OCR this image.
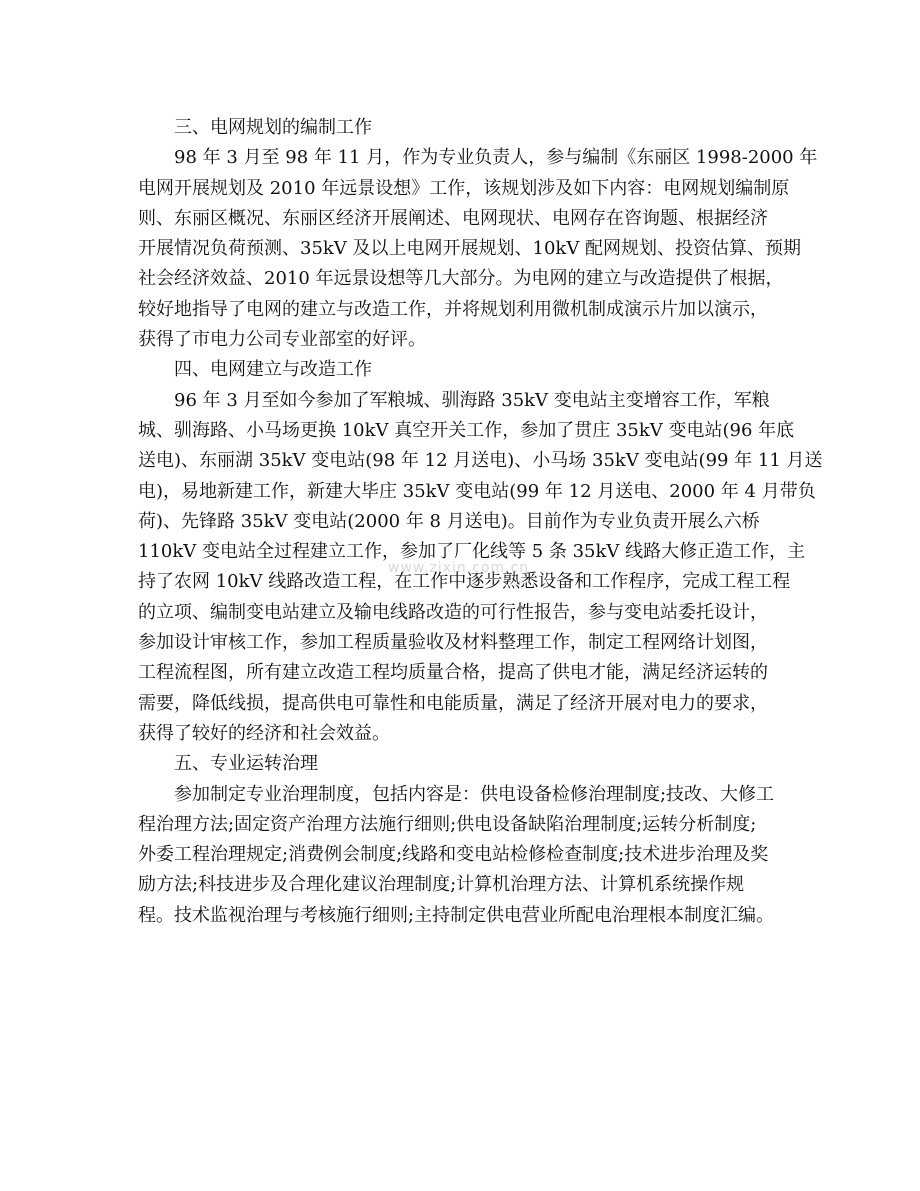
www.zixin.com.cn
三、电网规划的编制工作
98 年 3 月至 98 年 11 月，作为专业负责人，参与编制《东丽区 1998-2000 年
电网开展规划及 2010 年远景设想》工作，该规划涉及如下内容：电网规划编制原
则、东丽区概况、东丽区经济开展阐述、电网现状、电网存在咨询题、根据经济
开展情况负荷预测、35kV 及以上电网开展规划、10kV 配网规划、投资估算、预期
社会经济效益、2010 年远景设想等几大部分。为电网的建立与改造提供了根据，
较好地指导了电网的建立与改造工作，并将规划利用微机制成演示片加以演示，
获得了市电力公司专业部室的好评。
四、电网建立与改造工作
96 年 3 月至如今参加了军粮城、驯海路 35kV 变电站主变增容工作，军粮
城、驯海路、小马场更换 10kV 真空开关工作，参加了贯庄 35kV 变电站(96 年底
送电)、东丽湖 35kV 变电站(98 年 12 月送电)、小马场 35kV 变电站(99 年 11 月送
电)，易地新建工作，新建大毕庄 35kV 变电站(99 年 12 月送电、2000 年 4 月带负
荷)、先锋路 35kV 变电站(2000 年 8 月送电)。目前作为专业负责开展么六桥
110kV 变电站全过程建立工作，参加了厂化线等 5 条 35kV 线路大修正造工作，主
持了农网 10kV 线路改造工程，在工作中逐步熟悉设备和工作程序，完成工程工程
的立项、编制变电站建立及输电线路改造的可行性报告，参与变电站委托设计，
参加设计审核工作，参加工程质量验收及材料整理工作，制定工程网络计划图，
工程流程图，所有建立改造工程均质量合格，提高了供电才能，满足经济运转的
需要，降低线损，提高供电可靠性和电能质量，满足了经济开展对电力的要求，
获得了较好的经济和社会效益。
五、专业运转治理
参加制定专业治理制度，包括内容是：供电设备检修治理制度;技改、大修工
程治理方法;固定资产治理方法施行细则;供电设备缺陷治理制度;运转分析制度;
外委工程治理规定;消费例会制度;线路和变电站检修检查制度;技术进步治理及奖
励方法;科技进步及合理化建议治理制度;计算机治理方法、计算机系统操作规
程。技术监视治理与考核施行细则;主持制定供电营业所配电治理根本制度汇编。
